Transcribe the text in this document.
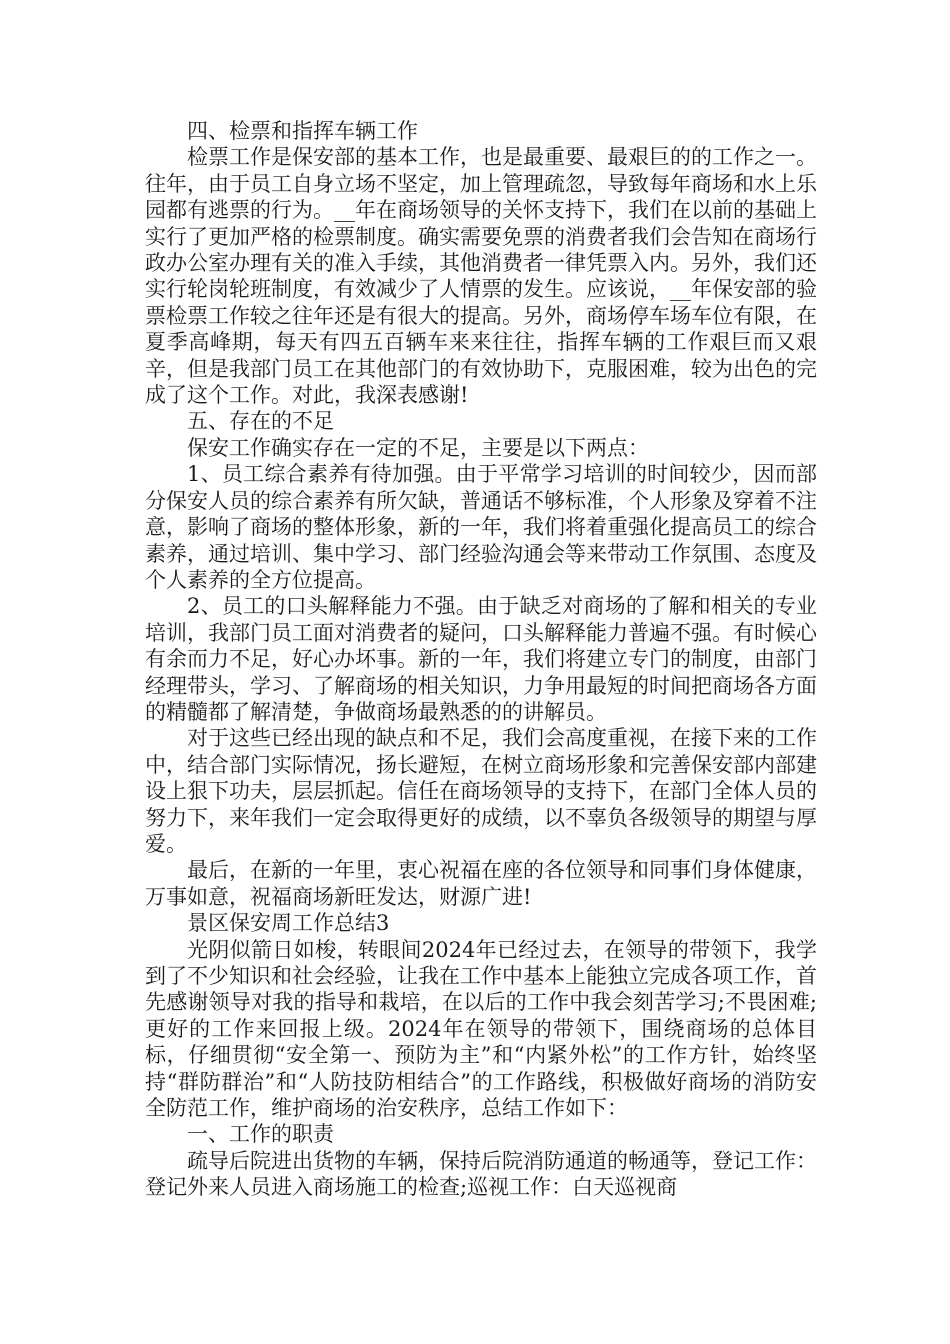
四、检票和指挥车辆工作

检票工作是保安部的基本工作，也是最重要、最艰巨的的工作之一。往年，由于员工自身立场不坚定，加上管理疏忽，导致每年商场和水上乐园都有逃票的行为。__年在商场领导的关怀支持下，我们在以前的基础上实行了更加严格的检票制度。确实需要免票的消费者我们会告知在商场行政办公室办理有关的准入手续，其他消费者一律凭票入内。另外，我们还实行轮岗轮班制度，有效减少了人情票的发生。应该说，__年保安部的验票检票工作较之往年还是有很大的提高。另外，商场停车场车位有限，在夏季高峰期，每天有四五百辆车来来往往，指挥车辆的工作艰巨而又艰辛，但是我部门员工在其他部门的有效协助下，克服困难，较为出色的完成了这个工作。对此，我深表感谢!

五、存在的不足

保安工作确实存在一定的不足，主要是以下两点：

1、员工综合素养有待加强。由于平常学习培训的时间较少，因而部分保安人员的综合素养有所欠缺，普通话不够标准，个人形象及穿着不注意，影响了商场的整体形象，新的一年，我们将着重强化提高员工的综合素养，通过培训、集中学习、部门经验沟通会等来带动工作氛围、态度及个人素养的全方位提高。

2、员工的口头解释能力不强。由于缺乏对商场的了解和相关的专业培训，我部门员工面对消费者的疑问，口头解释能力普遍不强。有时候心有余而力不足，好心办坏事。新的一年，我们将建立专门的制度，由部门经理带头，学习、了解商场的相关知识，力争用最短的时间把商场各方面的精髓都了解清楚，争做商场最熟悉的的讲解员。

对于这些已经出现的缺点和不足，我们会高度重视，在接下来的工作中，结合部门实际情况，扬长避短，在树立商场形象和完善保安部内部建设上狠下功夫，层层抓起。信任在商场领导的支持下，在部门全体人员的努力下，来年我们一定会取得更好的成绩，以不辜负各级领导的期望与厚爱。

最后，在新的一年里，衷心祝福在座的各位领导和同事们身体健康，万事如意，祝福商场新旺发达，财源广进!

景区保安周工作总结3

光阴似箭日如梭，转眼间2024年已经过去，在领导的带领下，我学到了不少知识和社会经验，让我在工作中基本上能独立完成各项工作，首先感谢领导对我的指导和栽培，在以后的工作中我会刻苦学习;不畏困难;更好的工作来回报上级。2024年在领导的带领下，围绕商场的总体目标，仔细贯彻“安全第一、预防为主”和“内紧外松”的工作方针，始终坚持“群防群治”和“人防技防相结合”的工作路线，积极做好商场的消防安全防范工作，维护商场的治安秩序，总结工作如下：

一、工作的职责

疏导后院进出货物的车辆，保持后院消防通道的畅通等，登记工作：登记外来人员进入商场施工的检查;巡视工作：白天巡视商
